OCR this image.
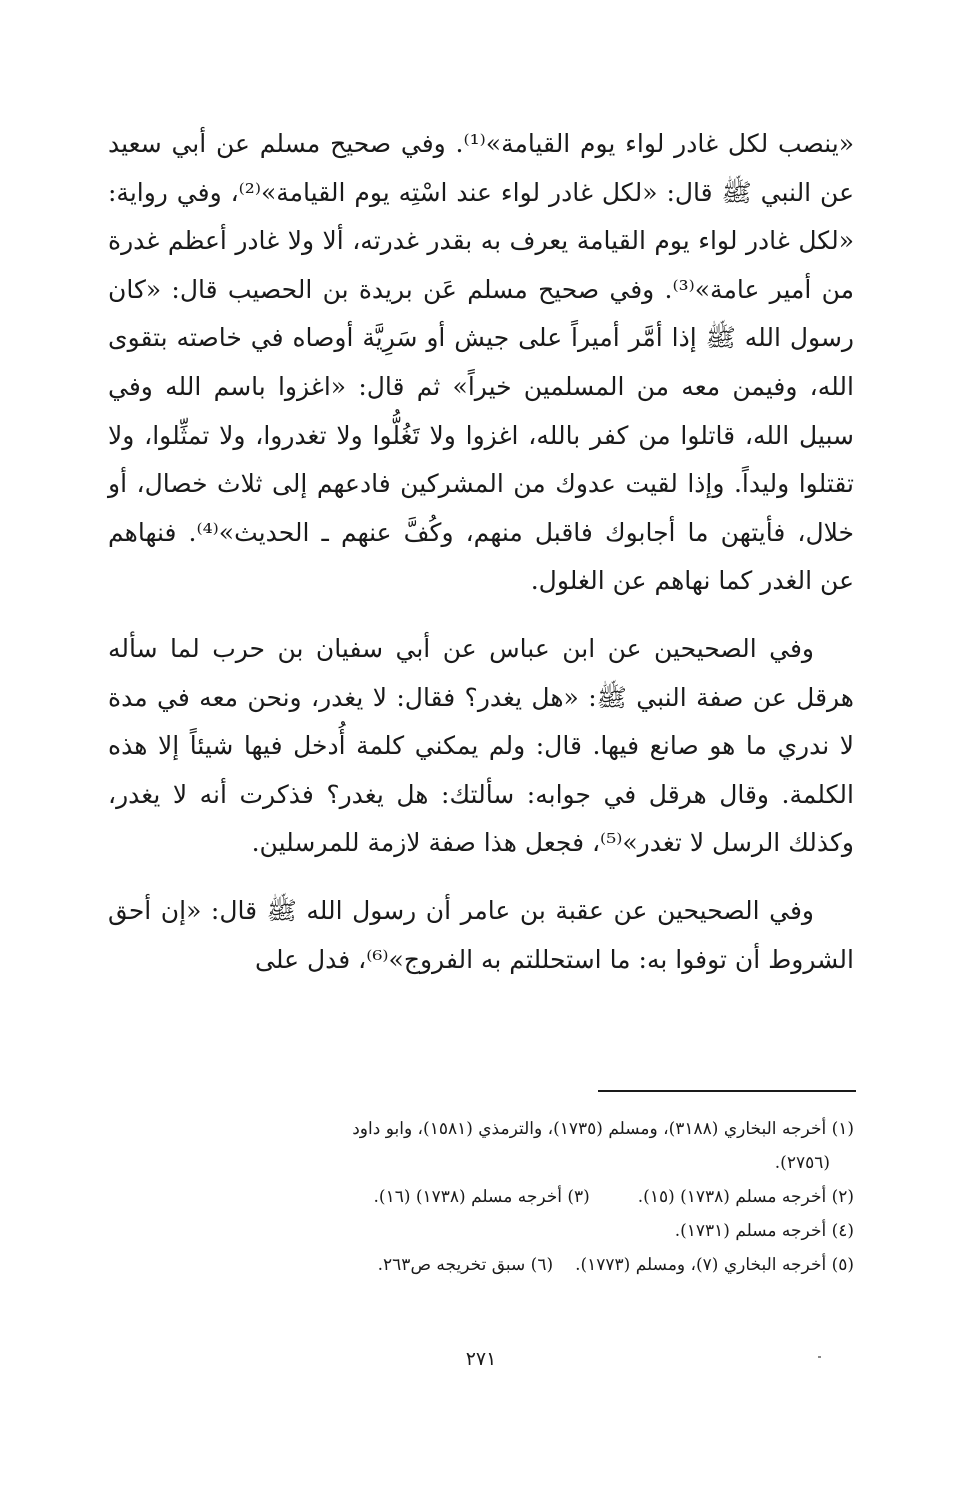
«ينصب لكل غادر لواء يوم القيامة»⁽¹⁾. وفي صحيح مسلم عن أبي سعيد عن النبي ﷺ قال: «لكل غادر لواء عند اسْتِه يوم القيامة»⁽²⁾، وفي رواية: «لكل غادر لواء يوم القيامة يعرف به بقدر غدرته، ألا ولا غادر أعظم غدرة من أمير عامة»⁽³⁾. وفي صحيح مسلم عَن بريدة بن الحصيب قال: «كان رسول الله ﷺ إذا أمَّر أميراً على جيش أو سَرِيَّة أوصاه في خاصته بتقوى الله، وفيمن معه من المسلمين خيراً» ثم قال: «اغزوا باسم الله وفي سبيل الله، قاتلوا من كفر بالله، اغزوا ولا تَغُلُّوا ولا تغدروا، ولا تمثِّلوا، ولا تقتلوا وليداً. وإذا لقيت عدوك من المشركين فادعهم إلى ثلاث خصال، أو خلال، فأيتهن ما أجابوك فاقبل منهم، وكُفَّ عنهم ـ الحديث»⁽⁴⁾. فنهاهم عن الغدر كما نهاهم عن الغلول.

وفي الصحيحين عن ابن عباس عن أبي سفيان بن حرب لما سأله هرقل عن صفة النبي ﷺ: «هل يغدر؟ فقال: لا يغدر، ونحن معه في مدة لا ندري ما هو صانع فيها. قال: ولم يمكني كلمة أُدخل فيها شيئاً إلا هذه الكلمة. وقال هرقل في جوابه: سألتك: هل يغدر؟ فذكرت أنه لا يغدر، وكذلك الرسل لا تغدر»⁽⁵⁾، فجعل هذا صفة لازمة للمرسلين.

وفي الصحيحين عن عقبة بن عامر أن رسول الله ﷺ قال: «إن أحق الشروط أن توفوا به: ما استحللتم به الفروج»⁽⁶⁾، فدل على

(١) أخرجه البخاري (٣١٨٨)، ومسلم (١٧٣٥)، والترمذي (١٥٨١)، وابو داود
(٢٧٥٦).
(٢) أخرجه مسلم (١٧٣٨) (١٥).
(٣) أخرجه مسلم (١٧٣٨) (١٦).
(٤) أخرجه مسلم (١٧٣١).
(٥) أخرجه البخاري (٧)، ومسلم (١٧٧٣).
(٦) سبق تخريجه ص٢٦٣.
٢٧١
